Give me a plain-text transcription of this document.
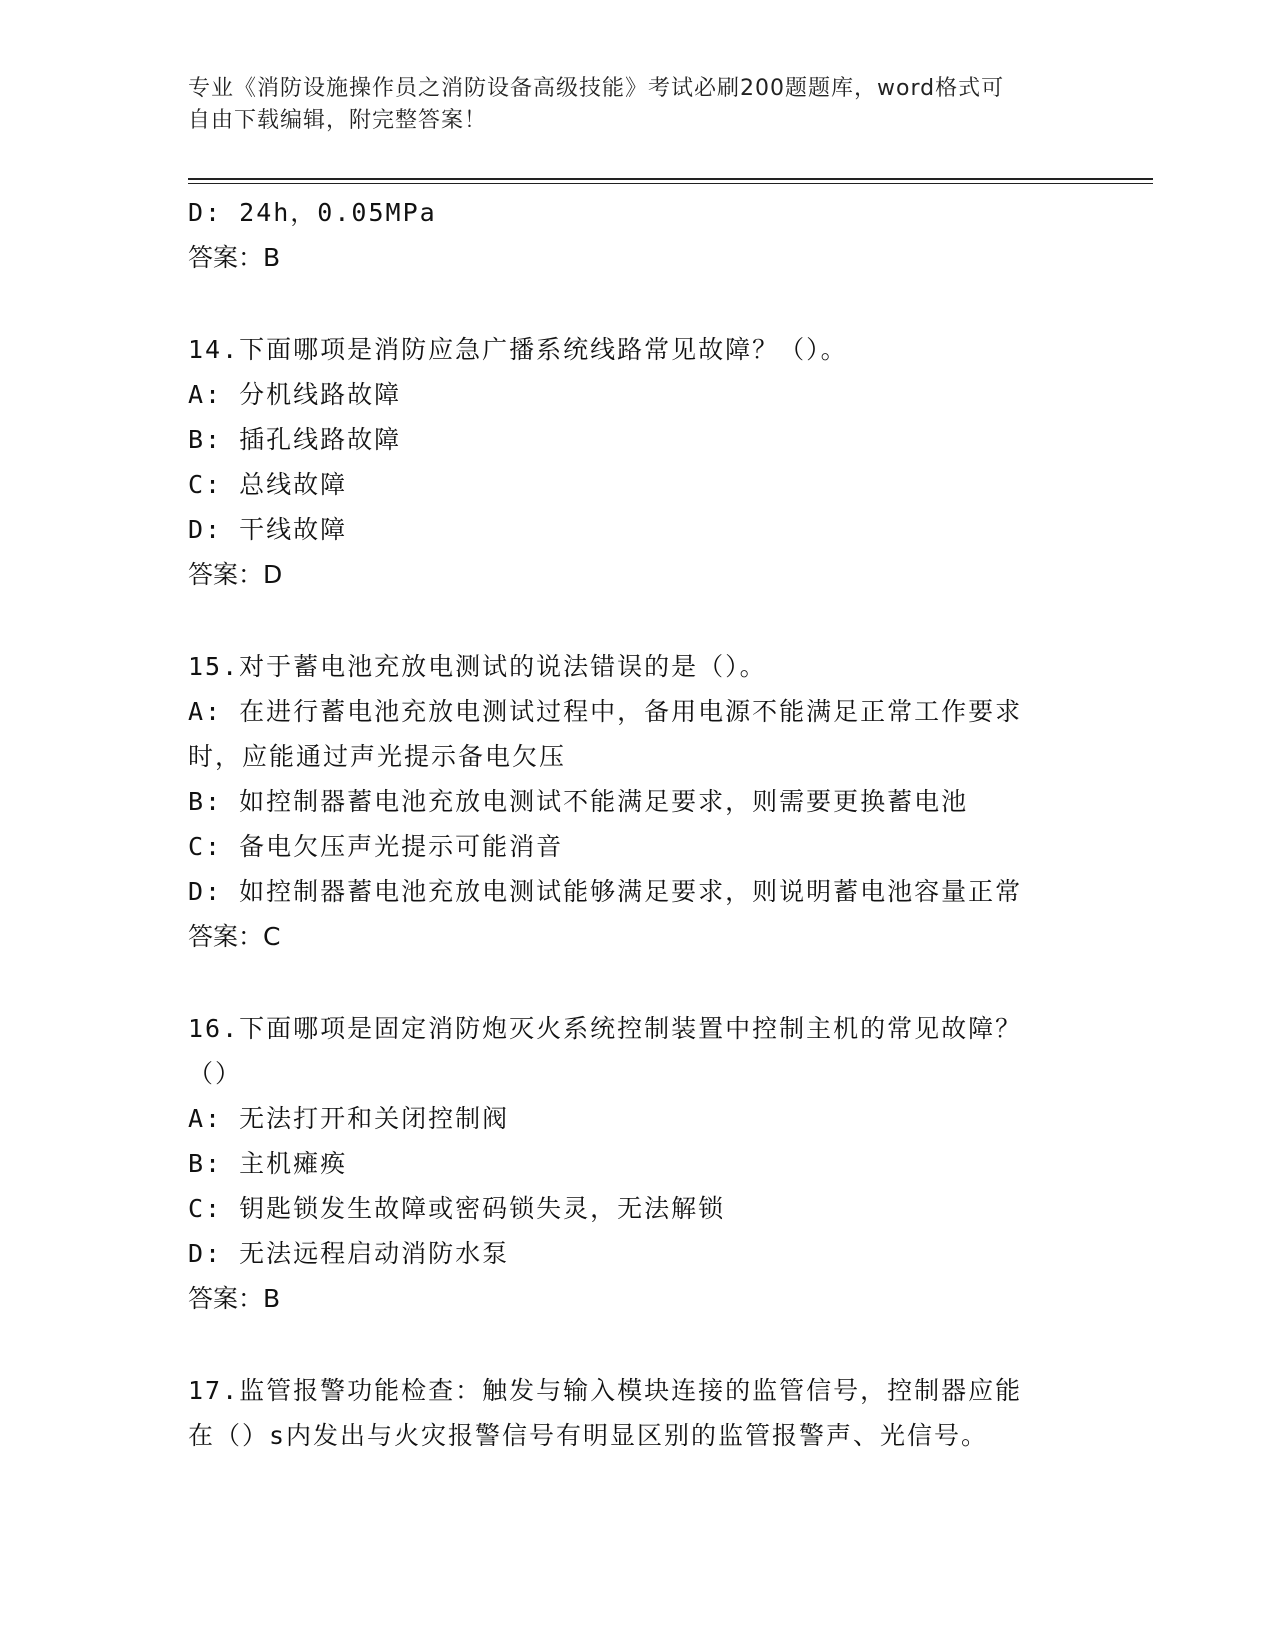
专业《消防设施操作员之消防设备高级技能》考试必刷200题题库，word格式可
自由下载编辑，附完整答案！
D: 24h，0.05MPa
答案：B
14.下面哪项是消防应急广播系统线路常见故障？（）。
A: 分机线路故障
B: 插孔线路故障
C: 总线故障
D: 干线故障
答案：D
15.对于蓄电池充放电测试的说法错误的是（）。
A: 在进行蓄电池充放电测试过程中，备用电源不能满足正常工作要求
时，应能通过声光提示备电欠压
B: 如控制器蓄电池充放电测试不能满足要求，则需要更换蓄电池
C: 备电欠压声光提示可能消音
D: 如控制器蓄电池充放电测试能够满足要求，则说明蓄电池容量正常
答案：C
16.下面哪项是固定消防炮灭火系统控制装置中控制主机的常见故障？
（）
A: 无法打开和关闭控制阀
B: 主机瘫痪
C: 钥匙锁发生故障或密码锁失灵，无法解锁
D: 无法远程启动消防水泵
答案：B
17.监管报警功能检查：触发与输入模块连接的监管信号，控制器应能
在（）s内发出与火灾报警信号有明显区别的监管报警声、光信号。
